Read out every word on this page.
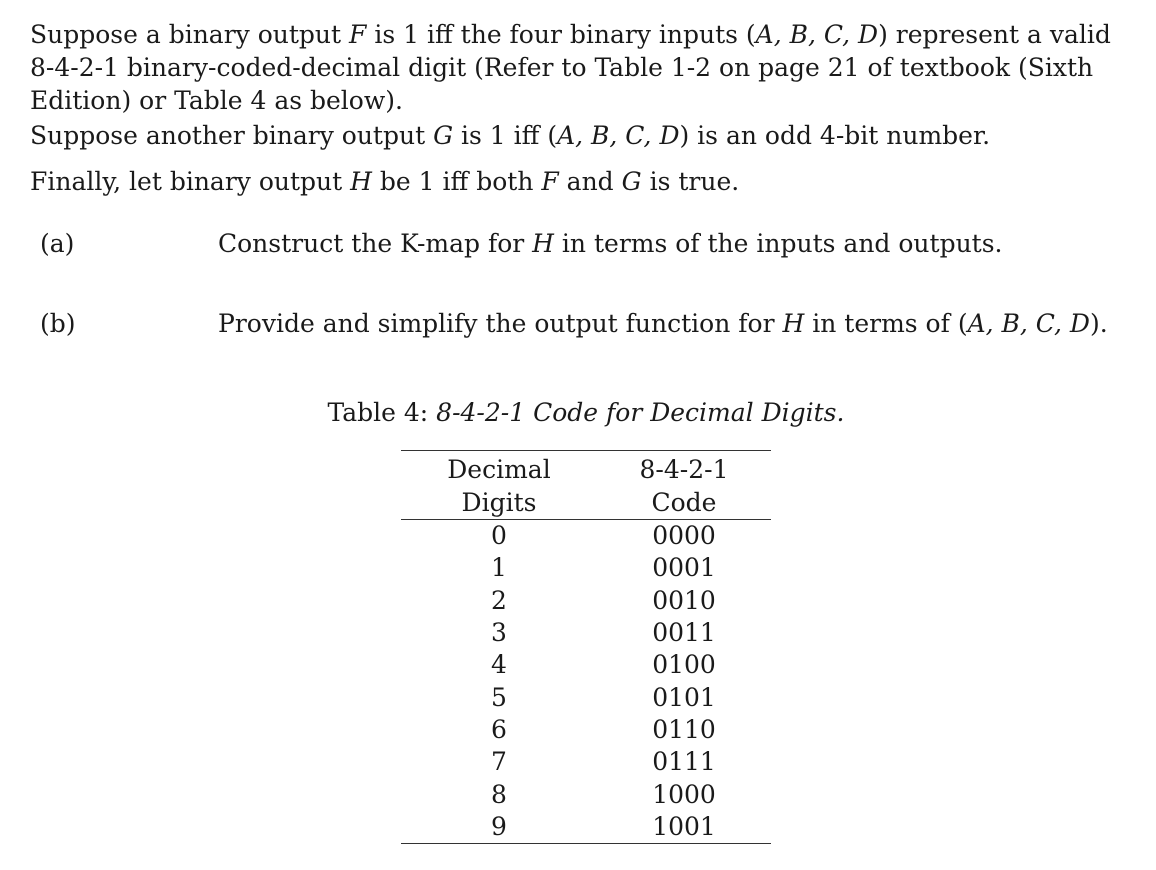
Suppose a binary output F is 1 iff the four binary inputs (A, B, C, D) represent a valid 8-4-2-1 binary-coded-decimal digit (Refer to Table 1-2 on page 21 of textbook (Sixth Edition) or Table 4 as below).
Suppose another binary output G is 1 iff (A, B, C, D) is an odd 4-bit number.
Finally, let binary output H be 1 iff both F and G is true.
(a)	Construct the K-map for H in terms of the inputs and outputs.
(b)	Provide and simplify the output function for H in terms of (A, B, C, D).
Table 4: 8-4-2-1 Code for Decimal Digits.
Decimal Digits	8-4-2-1 Code
0	0000
1	0001
2	0010
3	0011
4	0100
5	0101
6	0110
7	0111
8	1000
9	1001
